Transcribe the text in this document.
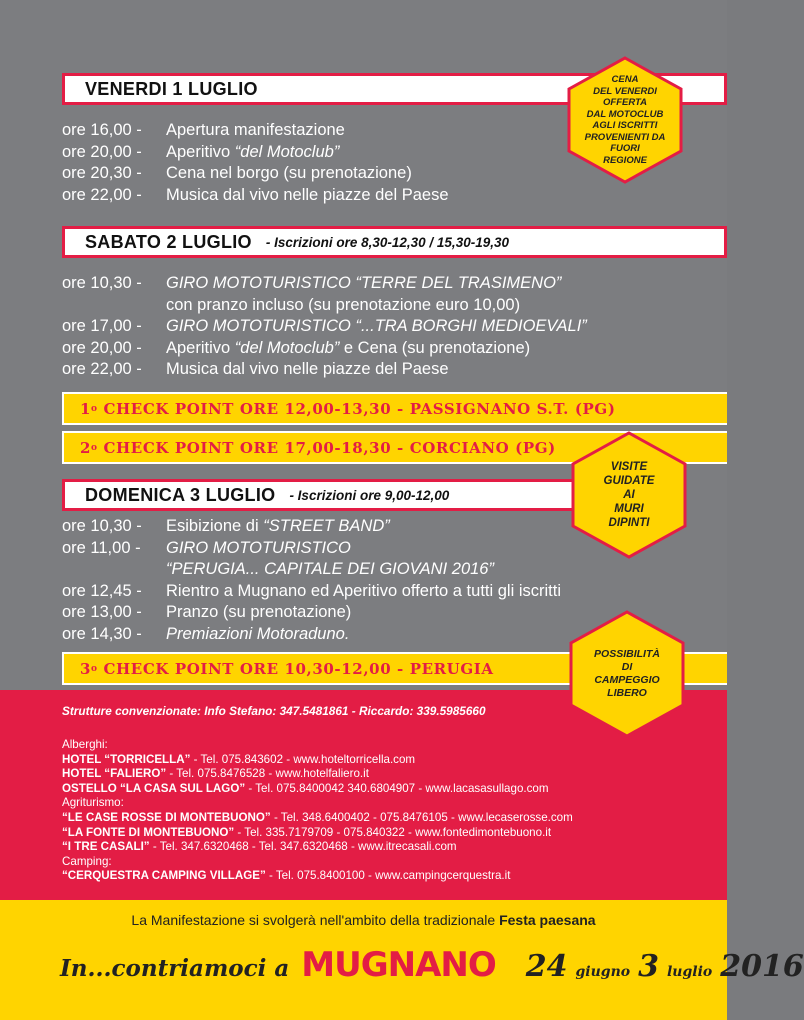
VENERDI 1 LUGLIO
ore 16,00 -	Apertura manifestazione
ore 20,00 -	Aperitivo “del Motoclub”
ore 20,30 -	Cena nel borgo (su prenotazione)
ore 22,00 -	Musica dal vivo nelle piazze del Paese
SABATO 2 LUGLIO - Iscrizioni ore 8,30-12,30 / 15,30-19,30
ore 10,30 -	GIRO MOTOTURISTICO “TERRE DEL TRASIMENO”
con pranzo incluso (su prenotazione euro 10,00)
ore 17,00 -	GIRO MOTOTURISTICO “...TRA BORGHI MEDIOEVALI”
ore 20,00 -	Aperitivo “del Motoclub” e Cena (su prenotazione)
ore 22,00 -	Musica dal vivo nelle piazze del Paese
1 o CHECK POINT ORE 12,00-13,30 - PASSIGNANO S.T. (PG)
2 o CHECK POINT ORE 17,00-18,30 - CORCIANO (PG)
DOMENICA 3 LUGLIO - Iscrizioni ore 9,00-12,00
ore 10,30 -	Esibizione di “STREET BAND”
ore 11,00 -	GIRO MOTOTURISTICO
“PERUGIA... CAPITALE DEI GIOVANI 2016”
ore 12,45 -	Rientro a Mugnano ed Aperitivo offerto a tutti gli iscritti
ore 13,00 -	Pranzo (su prenotazione)
ore 14,30 -	Premiazioni Motoraduno.
3 o CHECK POINT ORE 10,30-12,00 - PERUGIA
CENA
DEL VENERDI
OFFERTA
DAL MOTOCLUB
AGLI ISCRITTI
PROVENIENTI DA
FUORI
REGIONE
VISITE
GUIDATE
AI
MURI
DIPINTI
POSSIBILITÀ
DI
CAMPEGGIO
LIBERO
Strutture convenzionate: Info Stefano: 347.5481861 - Riccardo: 339.5985660
Alberghi:
HOTEL “TORRICELLA” - Tel. 075.843602 - www.hoteltorricella.com
HOTEL “FALIERO” - Tel. 075.8476528 - www.hotelfaliero.it
OSTELLO “LA CASA SUL LAGO” - Tel. 075.8400042 340.6804907 - www.lacasasullago.com
Agriturismo:
“LE CASE ROSSE DI MONTEBUONO” - Tel. 348.6400402 - 075.8476105 - www.lecaserosse.com
“LA FONTE DI MONTEBUONO” - Tel. 335.7179709 - 075.840322 - www.fontedimontebuono.it
“I TRE CASALI” - Tel. 347.6320468 - Tel. 347.6320468 - www.itrecasali.com
Camping:
“CERQUESTRA CAMPING VILLAGE” - Tel. 075.8400100 - www.campingcerquestra.it
La Manifestazione si svolgerà nell'ambito della tradizionale Festa paesana
In...contriamoci a MUGNANO 24 giugno 3 luglio 2016
